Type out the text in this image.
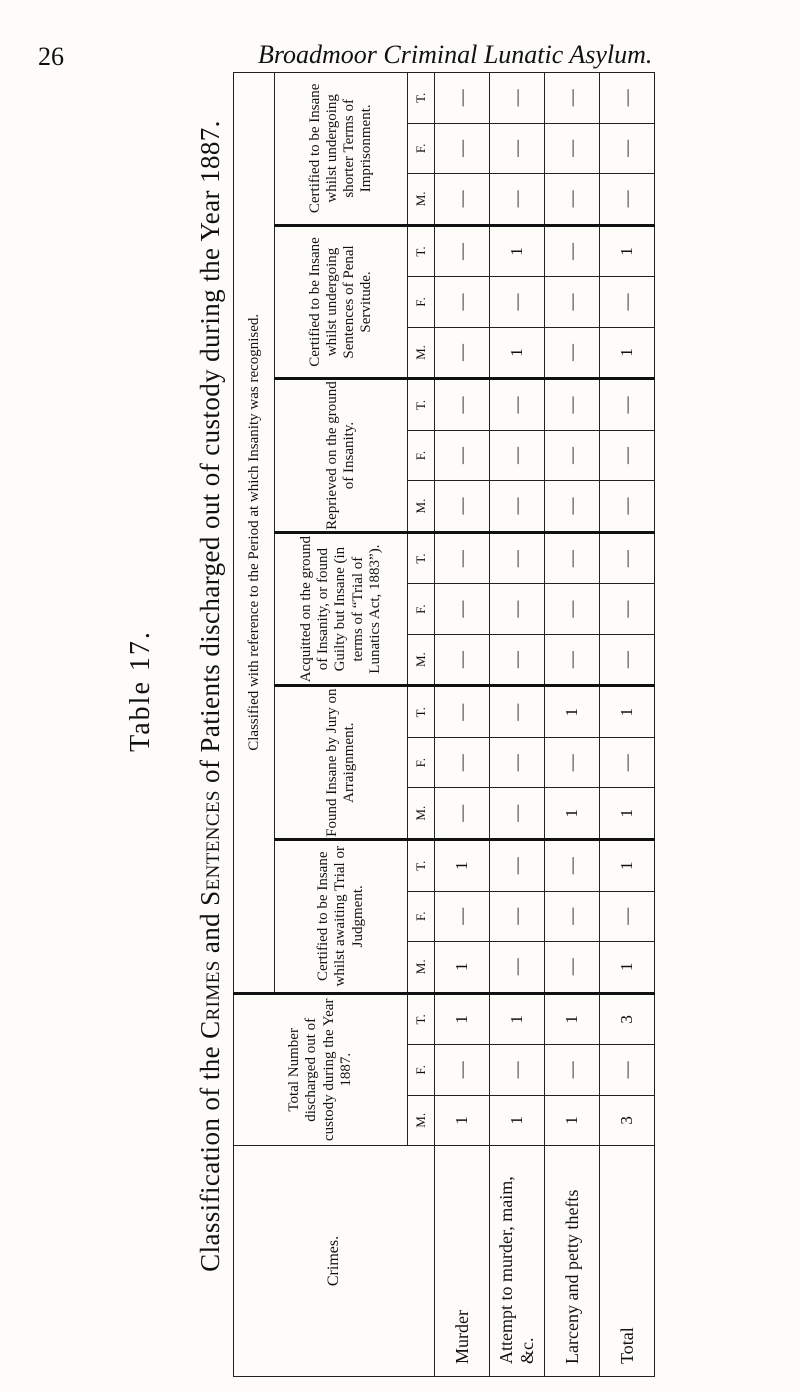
26	Broadmoor Criminal Lunatic Asylum.
Table 17.
Classification of the Crimes and Sentences of Patients discharged out of custody during the Year 1887.
Crimes.	Total Number discharged out of custody during the Year 1887.			Classified with reference to the Period at which Insanity was recognised.																	
				Certified to be Insane whilst awaiting Trial or Judgment.			Found Insane by Jury on Arraignment.			Acquitted on the ground of Insanity, or found Guilty but Insane (in terms of “Trial of Lunatics Act, 1883”).			Reprieved on the ground of Insanity.			Certified to be Insane whilst undergoing Sentences of Penal Servitude.			Certified to be Insane whilst undergoing shorter Terms of Imprisonment.		
	M.	F.	T.	M.	F.	T.	M.	F.	T.	M.	F.	T.	M.	F.	T.	M.	F.	T.	M.	F.	T.
Murder	1	—	1	1	—	1	—	—	—	—	—	—	—	—	—	—	—	—	—	—	—
Attempt to murder, maim, &c.	1	—	1	—	—	—	—	—	—	—	—	—	—	—	—	1	—	1	—	—	—
Larceny and petty thefts	1	—	1	—	—	—	1	—	1	—	—	—	—	—	—	—	—	—	—	—	—
Total	3	—	3	1	—	1	1	—	1	—	—	—	—	—	—	1	—	1	—	—	—
